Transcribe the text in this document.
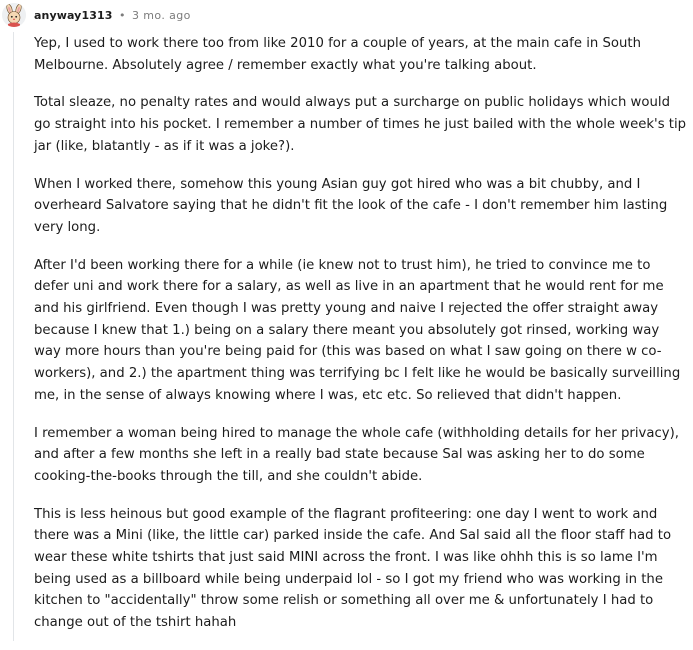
anyway1313 • 3 mo. ago

Yep, I used to work there too from like 2010 for a couple of years, at the main cafe in South Melbourne. Absolutely agree / remember exactly what you're talking about.

Total sleaze, no penalty rates and would always put a surcharge on public holidays which would go straight into his pocket. I remember a number of times he just bailed with the whole week's tip jar (like, blatantly - as if it was a joke?).

When I worked there, somehow this young Asian guy got hired who was a bit chubby, and I overheard Salvatore saying that he didn't fit the look of the cafe - I don't remember him lasting very long.

After I'd been working there for a while (ie knew not to trust him), he tried to convince me to defer uni and work there for a salary, as well as live in an apartment that he would rent for me and his girlfriend. Even though I was pretty young and naive I rejected the offer straight away because I knew that 1.) being on a salary there meant you absolutely got rinsed, working way way more hours than you're being paid for (this was based on what I saw going on there w co-workers), and 2.) the apartment thing was terrifying bc I felt like he would be basically surveilling me, in the sense of always knowing where I was, etc etc. So relieved that didn't happen.

I remember a woman being hired to manage the whole cafe (withholding details for her privacy), and after a few months she left in a really bad state because Sal was asking her to do some cooking-the-books through the till, and she couldn't abide.

This is less heinous but good example of the flagrant profiteering: one day I went to work and there was a Mini (like, the little car) parked inside the cafe. And Sal said all the floor staff had to wear these white tshirts that just said MINI across the front. I was like ohhh this is so lame I'm being used as a billboard while being underpaid lol - so I got my friend who was working in the kitchen to "accidentally" throw some relish or something all over me & unfortunately I had to change out of the tshirt hahah
